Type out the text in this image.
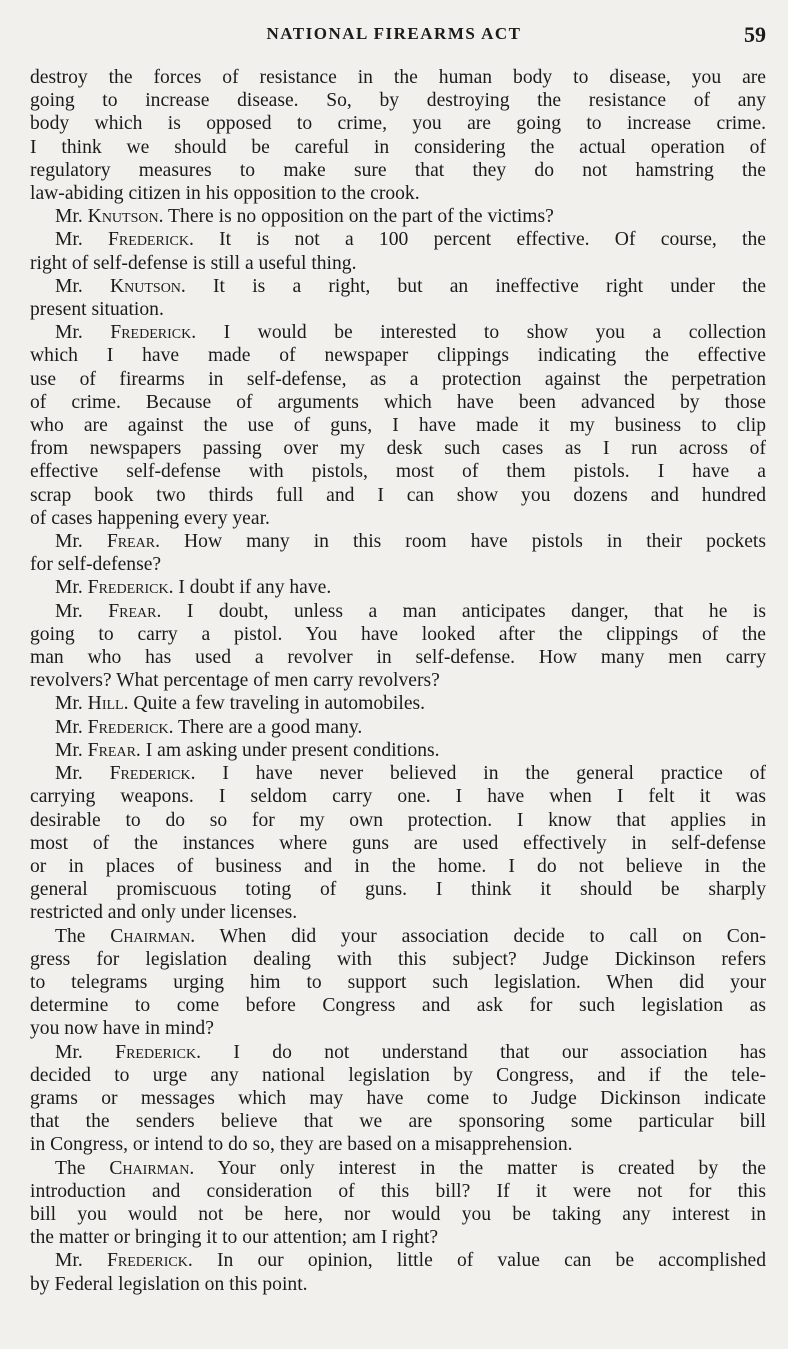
NATIONAL FIREARMS ACT	59
destroy the forces of resistance in the human body to disease, you are
going to increase disease. So, by destroying the resistance of any
body which is opposed to crime, you are going to increase crime.
I think we should be careful in considering the actual operation of
regulatory measures to make sure that they do not hamstring the
law-abiding citizen in his opposition to the crook.
Mr. Knutson. There is no opposition on the part of the victims?
Mr. Frederick. It is not a 100 percent effective. Of course, the
right of self-defense is still a useful thing.
Mr. Knutson. It is a right, but an ineffective right under the
present situation.
Mr. Frederick. I would be interested to show you a collection
which I have made of newspaper clippings indicating the effective
use of firearms in self-defense, as a protection against the perpetration
of crime. Because of arguments which have been advanced by those
who are against the use of guns, I have made it my business to clip
from newspapers passing over my desk such cases as I run across of
effective self-defense with pistols, most of them pistols. I have a
scrap book two thirds full and I can show you dozens and hundred
of cases happening every year.
Mr. Frear. How many in this room have pistols in their pockets
for self-defense?
Mr. Frederick. I doubt if any have.
Mr. Frear. I doubt, unless a man anticipates danger, that he is
going to carry a pistol. You have looked after the clippings of the
man who has used a revolver in self-defense. How many men carry
revolvers? What percentage of men carry revolvers?
Mr. Hill. Quite a few traveling in automobiles.
Mr. Frederick. There are a good many.
Mr. Frear. I am asking under present conditions.
Mr. Frederick. I have never believed in the general practice of
carrying weapons. I seldom carry one. I have when I felt it was
desirable to do so for my own protection. I know that applies in
most of the instances where guns are used effectively in self-defense
or in places of business and in the home. I do not believe in the
general promiscuous toting of guns. I think it should be sharply
restricted and only under licenses.
The Chairman. When did your association decide to call on Con-
gress for legislation dealing with this subject? Judge Dickinson refers
to telegrams urging him to support such legislation. When did your
determine to come before Congress and ask for such legislation as
you now have in mind?
Mr. Frederick. I do not understand that our association has
decided to urge any national legislation by Congress, and if the tele-
grams or messages which may have come to Judge Dickinson indicate
that the senders believe that we are sponsoring some particular bill
in Congress, or intend to do so, they are based on a misapprehension.
The Chairman. Your only interest in the matter is created by the
introduction and consideration of this bill? If it were not for this
bill you would not be here, nor would you be taking any interest in
the matter or bringing it to our attention; am I right?
Mr. Frederick. In our opinion, little of value can be accomplished
by Federal legislation on this point.
